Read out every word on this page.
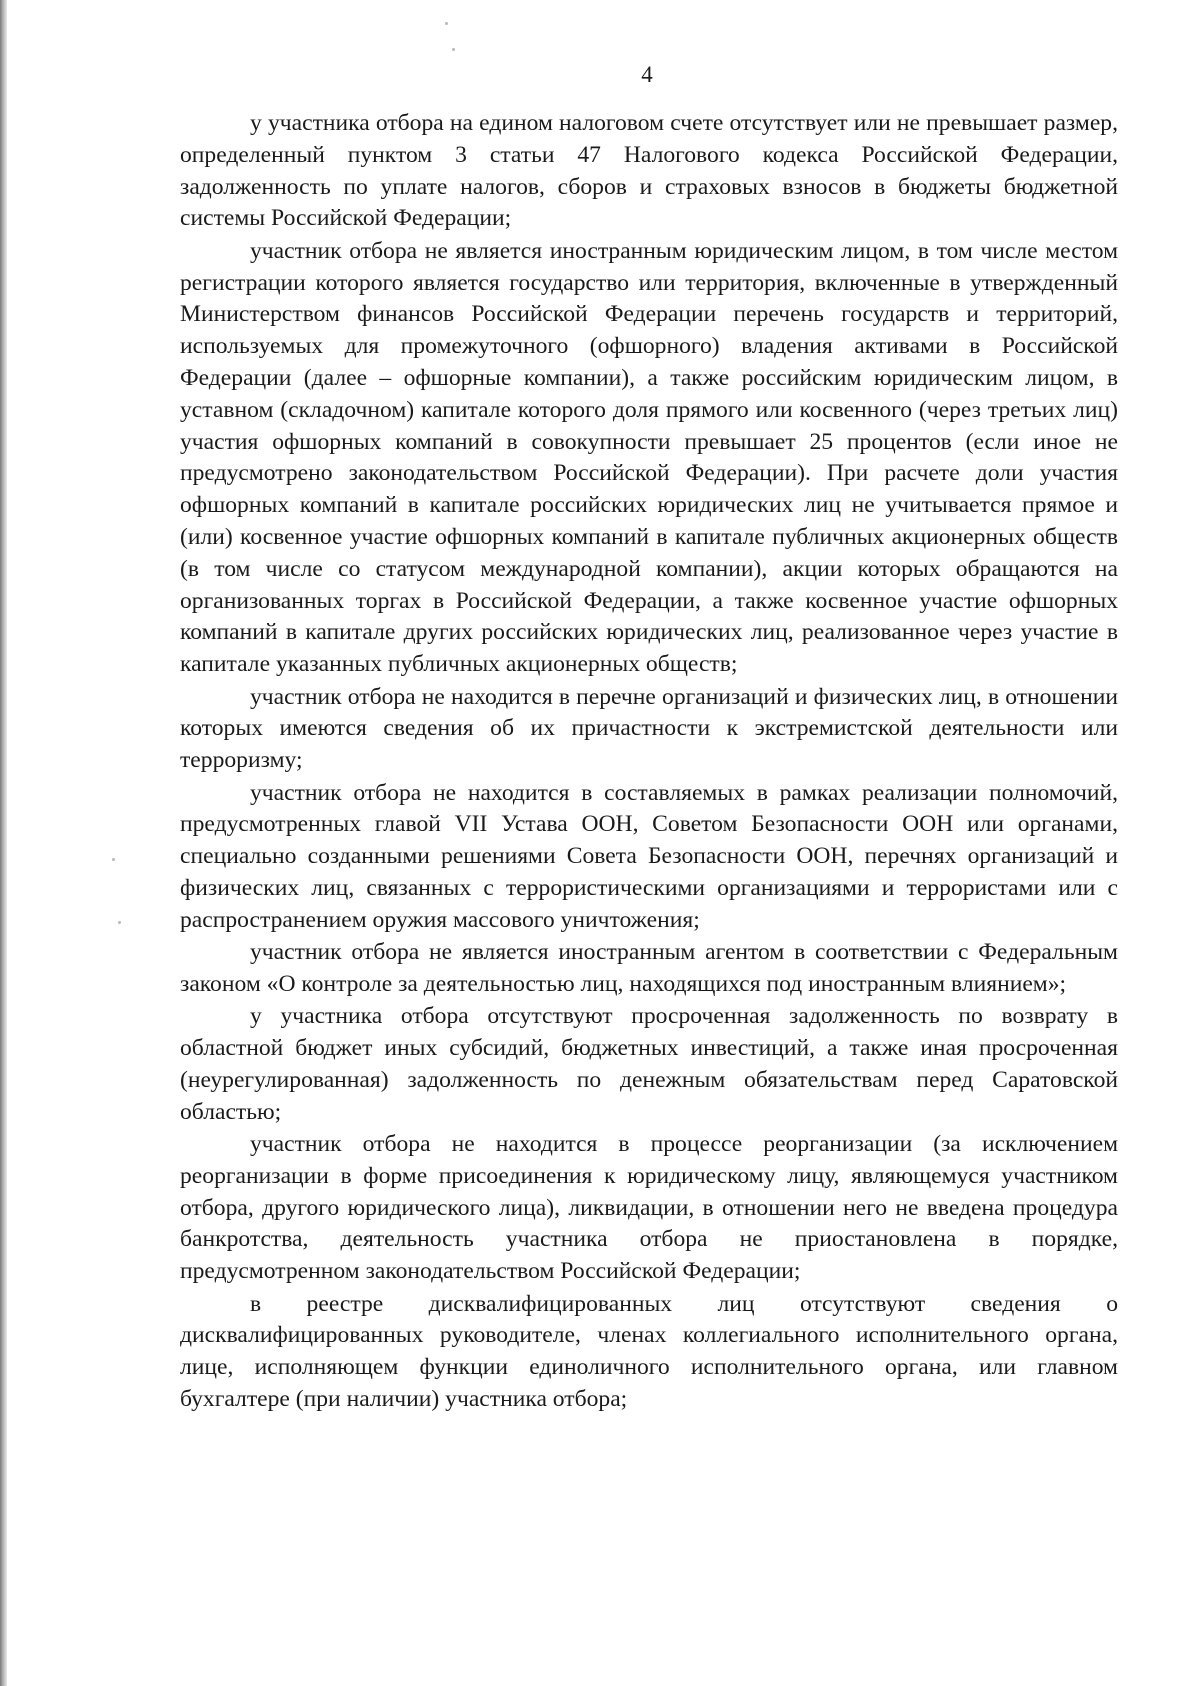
4

у участника отбора на едином налоговом счете отсутствует или не превышает размер, определенный пунктом 3 статьи 47 Налогового кодекса Российской Федерации, задолженность по уплате налогов, сборов и страховых взносов в бюджеты бюджетной системы Российской Федерации;

участник отбора не является иностранным юридическим лицом, в том числе местом регистрации которого является государство или территория, включенные в утвержденный Министерством финансов Российской Федерации перечень государств и территорий, используемых для промежуточного (офшорного) владения активами в Российской Федерации (далее – офшорные компании), а также российским юридическим лицом, в уставном (складочном) капитале которого доля прямого или косвенного (через третьих лиц) участия офшорных компаний в совокупности превышает 25 процентов (если иное не предусмотрено законодательством Российской Федерации). При расчете доли участия офшорных компаний в капитале российских юридических лиц не учитывается прямое и (или) косвенное участие офшорных компаний в капитале публичных акционерных обществ (в том числе со статусом международной компании), акции которых обращаются на организованных торгах в Российской Федерации, а также косвенное участие офшорных компаний в капитале других российских юридических лиц, реализованное через участие в капитале указанных публичных акционерных обществ;

участник отбора не находится в перечне организаций и физических лиц, в отношении которых имеются сведения об их причастности к экстремистской деятельности или терроризму;

участник отбора не находится в составляемых в рамках реализации полномочий, предусмотренных главой VII Устава ООН, Советом Безопасности ООН или органами, специально созданными решениями Совета Безопасности ООН, перечнях организаций и физических лиц, связанных с террористическими организациями и террористами или с распространением оружия массового уничтожения;

участник отбора не является иностранным агентом в соответствии с Федеральным законом «О контроле за деятельностью лиц, находящихся под иностранным влиянием»;

у участника отбора отсутствуют просроченная задолженность по возврату в областной бюджет иных субсидий, бюджетных инвестиций, а также иная просроченная (неурегулированная) задолженность по денежным обязательствам перед Саратовской областью;

участник отбора не находится в процессе реорганизации (за исключением реорганизации в форме присоединения к юридическому лицу, являющемуся участником отбора, другого юридического лица), ликвидации, в отношении него не введена процедура банкротства, деятельность участника отбора не приостановлена в порядке, предусмотренном законодательством Российской Федерации;

в реестре дисквалифицированных лиц отсутствуют сведения о дисквалифицированных руководителе, членах коллегиального исполнительного органа, лице, исполняющем функции единоличного исполнительного органа, или главном бухгалтере (при наличии) участника отбора;
